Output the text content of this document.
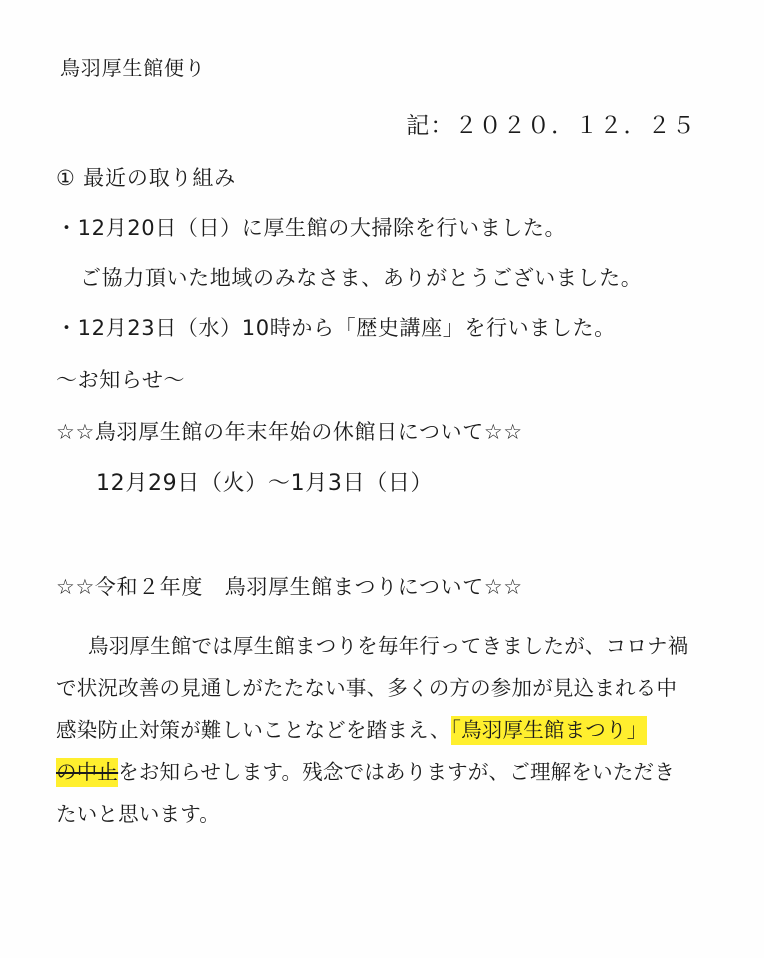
鳥羽厚生館便り
記：２０２０．１２．２５
① 最近の取り組み
・12月20日（日）に厚生館の大掃除を行いました。
ご協力頂いた地域のみなさま、ありがとうございました。
・12月23日（水）10時から「歴史講座」を行いました。
〜お知らせ〜
☆☆鳥羽厚生館の年末年始の休館日について☆☆
12月29日（火）〜1月3日（日）
☆☆令和２年度　鳥羽厚生館まつりについて☆☆

鳥羽厚生館では厚生館まつりを毎年行ってきましたが、コロナ禍

で状況改善の見通しがたたない事、多くの方の参加が見込まれる中

感染防止対策が難しいことなどを踏まえ、「鳥羽厚生館まつり」

の中止をお知らせします。残念ではありますが、ご理解をいただき

たいと思います。
